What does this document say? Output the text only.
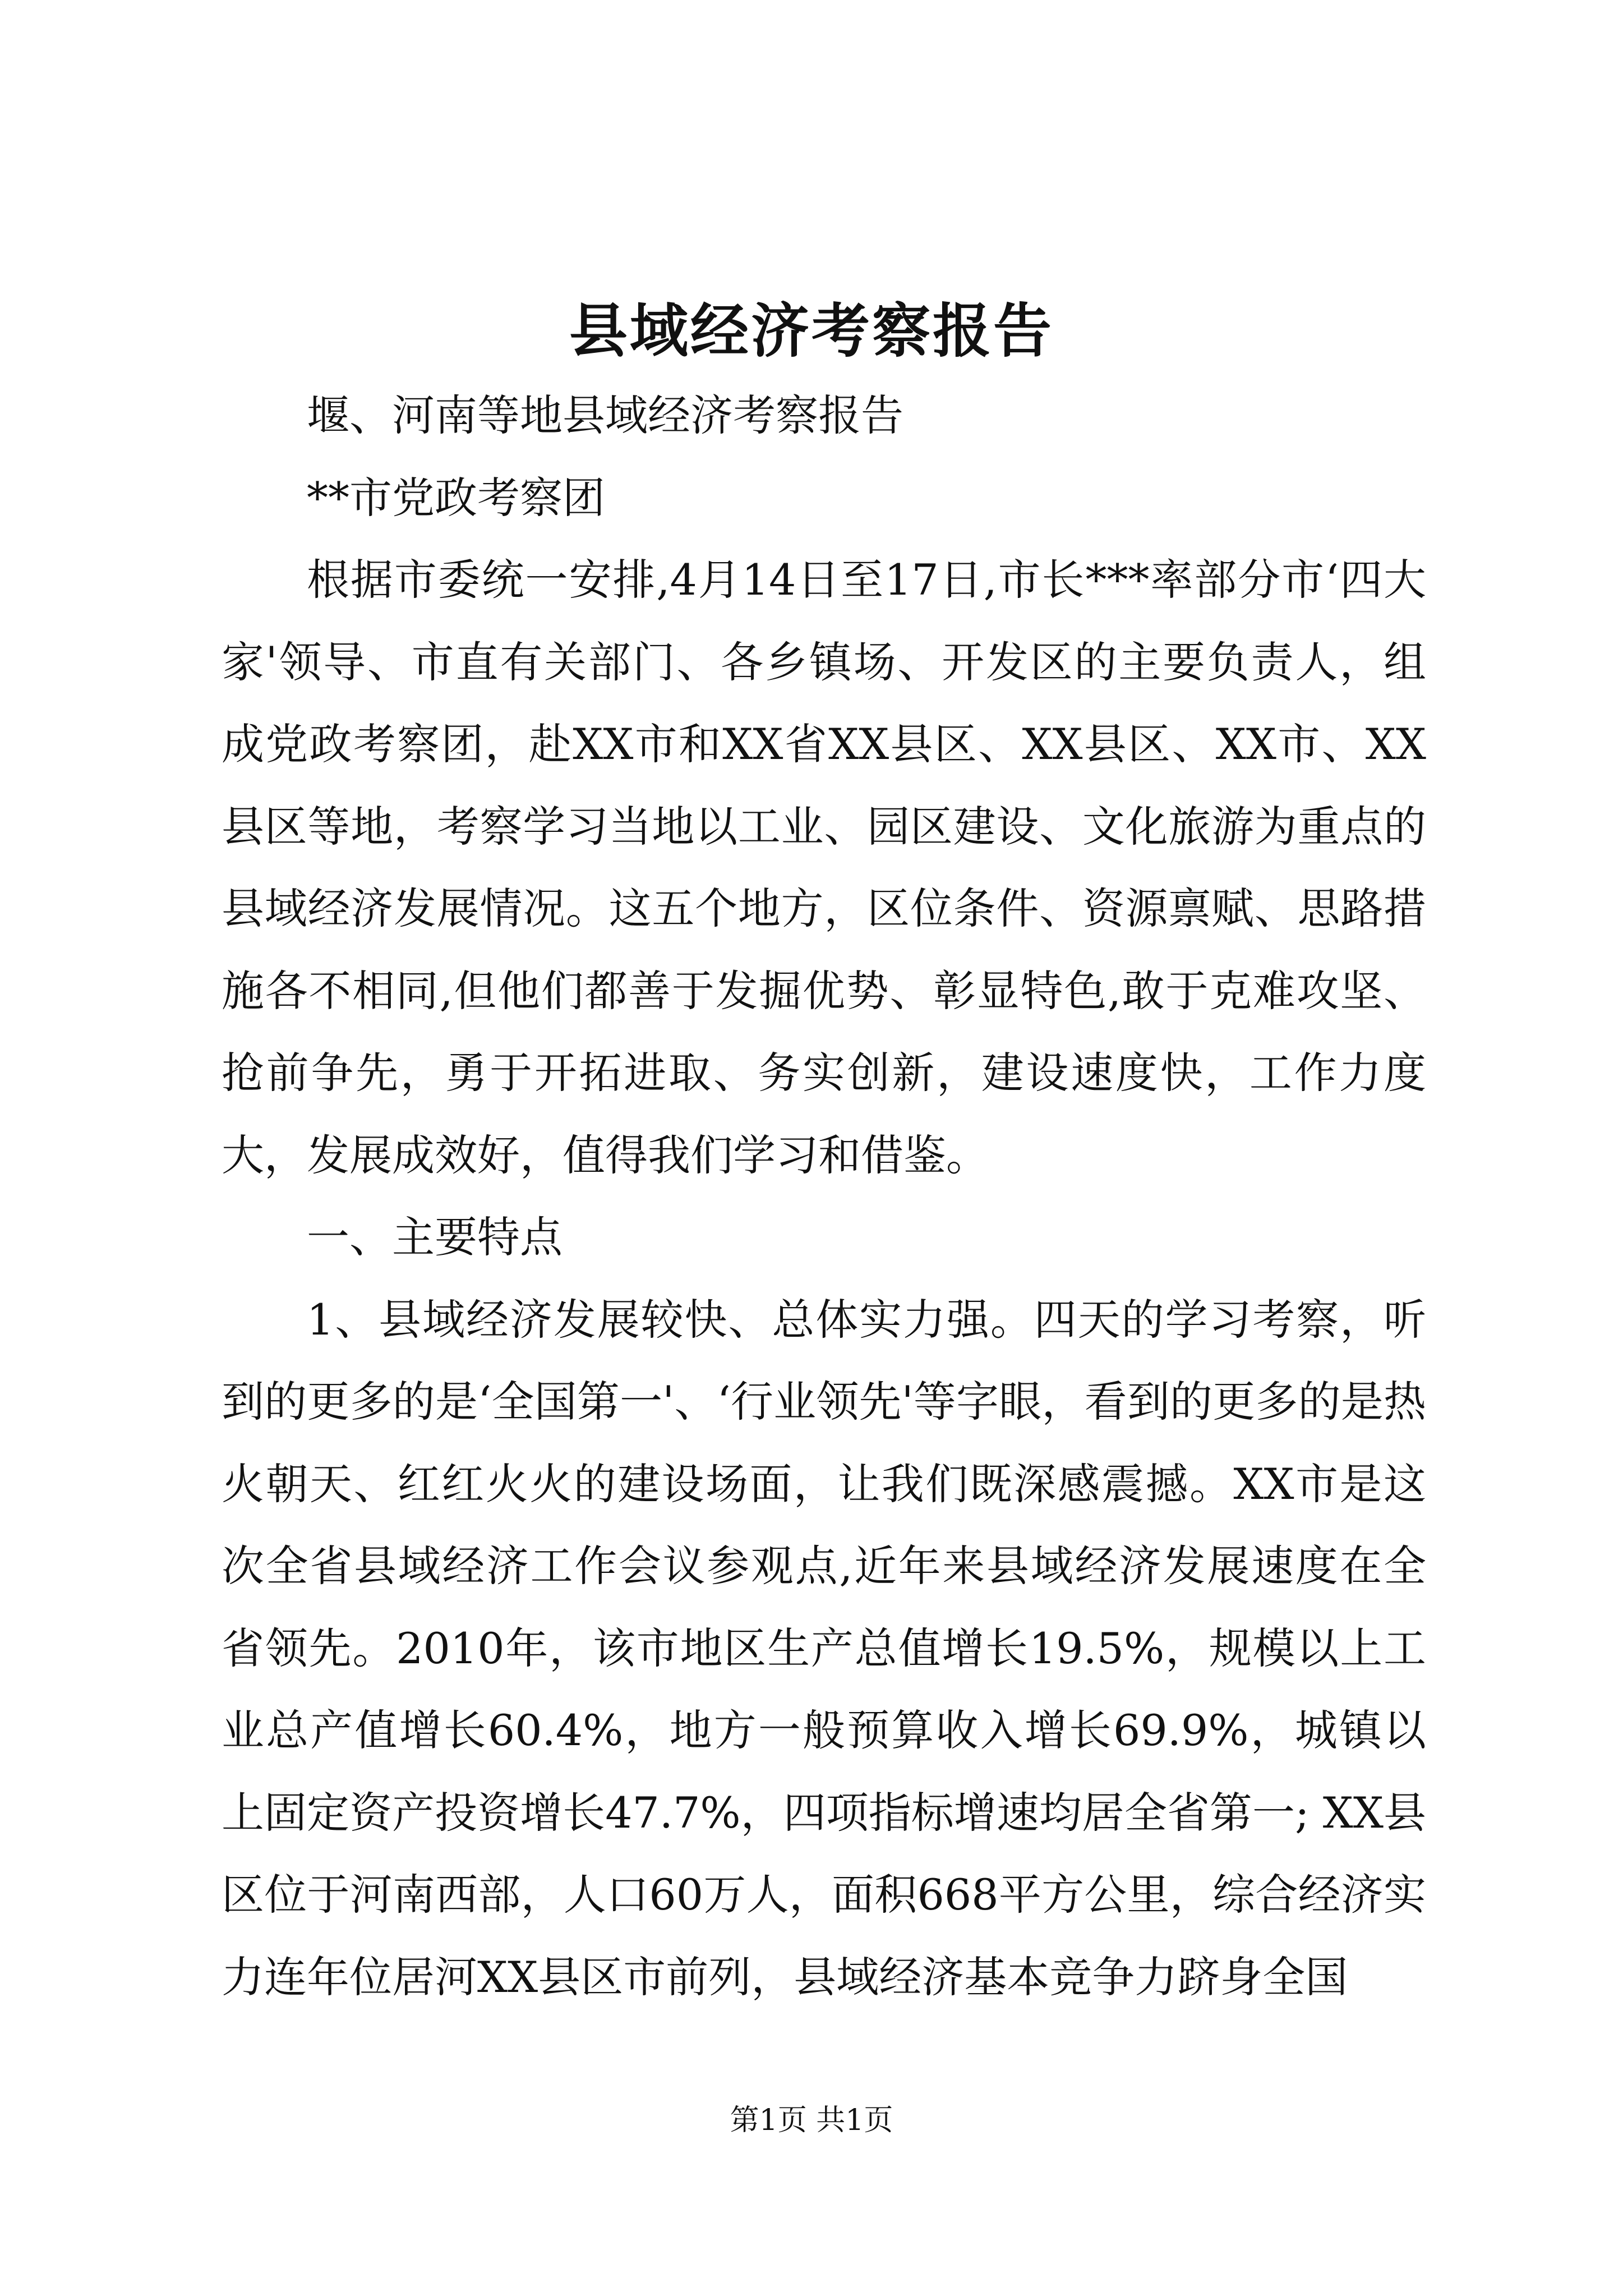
县域经济考察报告

堰、河南等地县域经济考察报告

**市党政考察团

根据市委统一安排,4月14日至17日,市长***率部分市‘四大家'领导、市直有关部门、各乡镇场、开发区的主要负责人，组成党政考察团，赴XX市和XX省XX县区、XX县区、XX市、XX县区等地，考察学习当地以工业、园区建设、文化旅游为重点的县域经济发展情况。这五个地方，区位条件、资源禀赋、思路措施各不相同,但他们都善于发掘优势、彰显特色,敢于克难攻坚、抢前争先，勇于开拓进取、务实创新，建设速度快，工作力度大，发展成效好，值得我们学习和借鉴。

一、主要特点

1、县域经济发展较快、总体实力强。四天的学习考察，听到的更多的是‘全国第一'、‘行业领先'等字眼，看到的更多的是热火朝天、红红火火的建设场面，让我们既深感震撼。XX市是这次全省县域经济工作会议参观点,近年来县域经济发展速度在全省领先。2010年，该市地区生产总值增长19.5%，规模以上工业总产值增长60.4%，地方一般预算收入增长69.9%，城镇以上固定资产投资增长47.7%，四项指标增速均居全省第一; XX县区位于河南西部，人口60万人，面积668平方公里，综合经济实力连年位居河XX县区市前列，县域经济基本竞争力跻身全国

第1页 共1页
